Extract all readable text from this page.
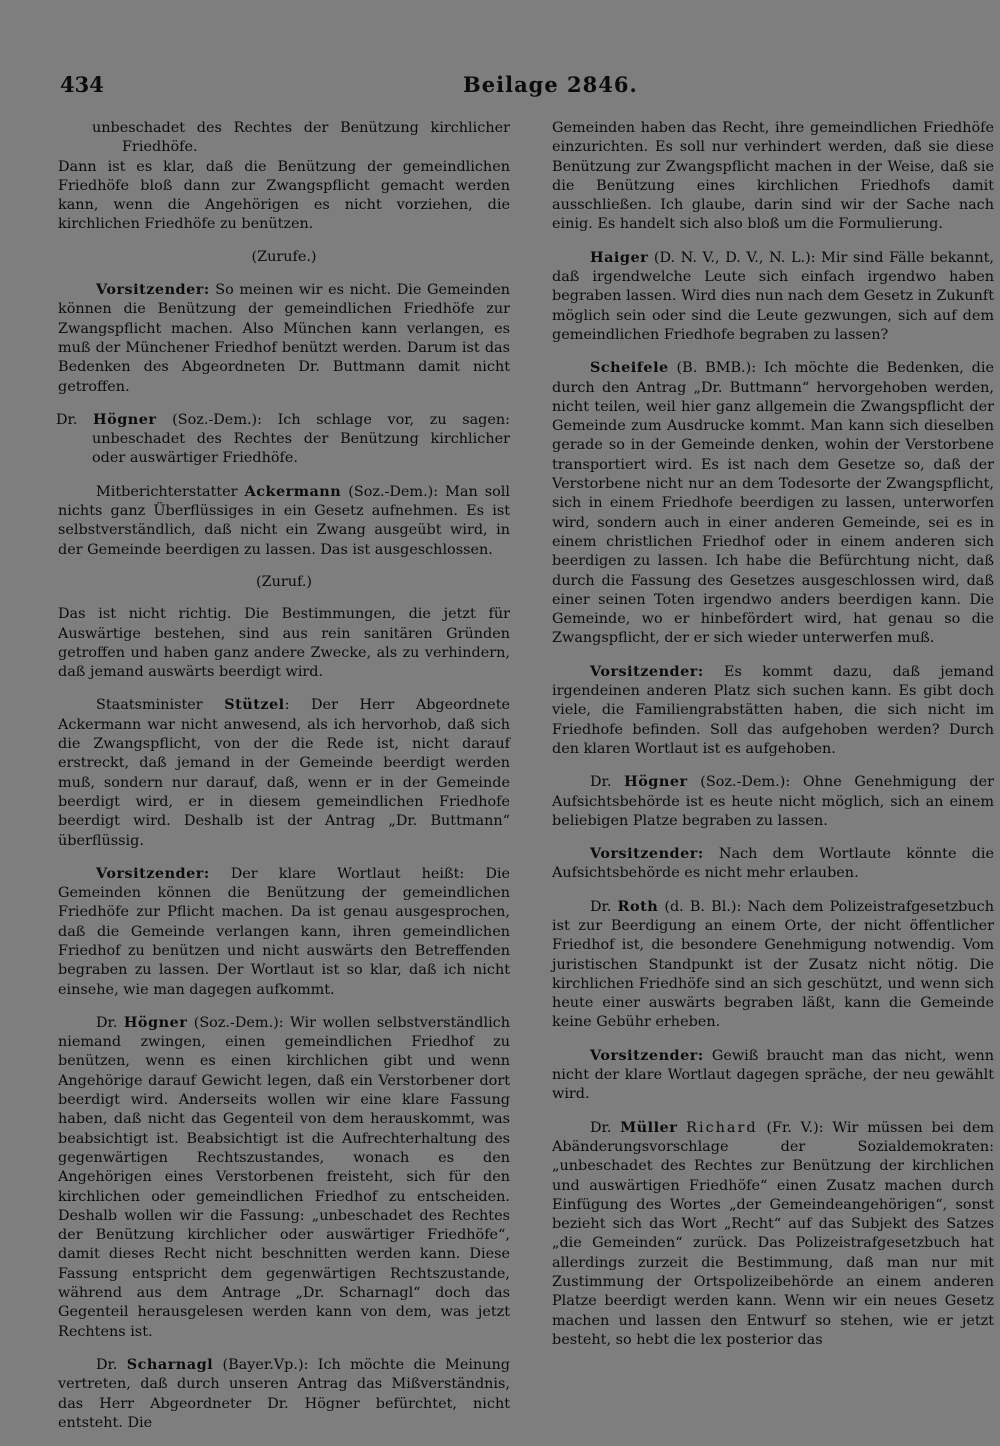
434	Beilage 2846.

unbeschadet des Rechtes der Benützung kirchlicher Friedhöfe.

Dann ist es klar, daß die Benützung der gemeindlichen Friedhöfe bloß dann zur Zwangspflicht gemacht werden kann, wenn die Angehörigen es nicht vorziehen, die kirchlichen Friedhöfe zu benützen.

(Zurufe.)

Vorsitzender: So meinen wir es nicht. Die Gemeinden können die Benützung der gemeindlichen Friedhöfe zur Zwangspflicht machen. Also München kann verlangen, es muß der Münchener Friedhof benützt werden. Darum ist das Bedenken des Abgeordneten Dr. Buttmann damit nicht getroffen.

Dr. Högner (Soz.-Dem.): Ich schlage vor, zu sagen: unbeschadet des Rechtes der Benützung kirchlicher oder auswärtiger Friedhöfe.

Mitberichterstatter Ackermann (Soz.-Dem.): Man soll nichts ganz Überflüssiges in ein Gesetz aufnehmen. Es ist selbstverständlich, daß nicht ein Zwang ausgeübt wird, in der Gemeinde beerdigen zu lassen. Das ist ausgeschlossen.

(Zuruf.)

Das ist nicht richtig. Die Bestimmungen, die jetzt für Auswärtige bestehen, sind aus rein sanitären Gründen getroffen und haben ganz andere Zwecke, als zu verhindern, daß jemand auswärts beerdigt wird.

Staatsminister Stützel: Der Herr Abgeordnete Ackermann war nicht anwesend, als ich hervorhob, daß sich die Zwangspflicht, von der die Rede ist, nicht darauf erstreckt, daß jemand in der Gemeinde beerdigt werden muß, sondern nur darauf, daß, wenn er in der Gemeinde beerdigt wird, er in diesem gemeindlichen Friedhofe beerdigt wird. Deshalb ist der Antrag „Dr. Buttmann“ überflüssig.

Vorsitzender: Der klare Wortlaut heißt: Die Gemeinden können die Benützung der gemeindlichen Friedhöfe zur Pflicht machen. Da ist genau ausgesprochen, daß die Gemeinde verlangen kann, ihren gemeindlichen Friedhof zu benützen und nicht auswärts den Betreffenden begraben zu lassen. Der Wortlaut ist so klar, daß ich nicht einsehe, wie man dagegen aufkommt.

Dr. Högner (Soz.-Dem.): Wir wollen selbstverständlich niemand zwingen, einen gemeindlichen Friedhof zu benützen, wenn es einen kirchlichen gibt und wenn Angehörige darauf Gewicht legen, daß ein Verstorbener dort beerdigt wird. Anderseits wollen wir eine klare Fassung haben, daß nicht das Gegenteil von dem herauskommt, was beabsichtigt ist. Beabsichtigt ist die Aufrechterhaltung des gegenwärtigen Rechtszustandes, wonach es den Angehörigen eines Verstorbenen freisteht, sich für den kirchlichen oder gemeindlichen Friedhof zu entscheiden. Deshalb wollen wir die Fassung: „unbeschadet des Rechtes der Benützung kirchlicher oder auswärtiger Friedhöfe“, damit dieses Recht nicht beschnitten werden kann. Diese Fassung entspricht dem gegenwärtigen Rechtszustande, während aus dem Antrage „Dr. Scharnagl“ doch das Gegenteil herausgelesen werden kann von dem, was jetzt Rechtens ist.

Dr. Scharnagl (Bayer.Vp.): Ich möchte die Meinung vertreten, daß durch unseren Antrag das Mißverständnis, das Herr Abgeordneter Dr. Högner befürchtet, nicht entsteht. Die

Gemeinden haben das Recht, ihre gemeindlichen Friedhöfe einzurichten. Es soll nur verhindert werden, daß sie diese Benützung zur Zwangspflicht machen in der Weise, daß sie die Benützung eines kirchlichen Friedhofs damit ausschließen. Ich glaube, darin sind wir der Sache nach einig. Es handelt sich also bloß um die Formulierung.

Haiger (D. N. V., D. V., N. L.): Mir sind Fälle bekannt, daß irgendwelche Leute sich einfach irgendwo haben begraben lassen. Wird dies nun nach dem Gesetz in Zukunft möglich sein oder sind die Leute gezwungen, sich auf dem gemeindlichen Friedhofe begraben zu lassen?

Scheifele (B. BMB.): Ich möchte die Bedenken, die durch den Antrag „Dr. Buttmann“ hervorgehoben werden, nicht teilen, weil hier ganz allgemein die Zwangspflicht der Gemeinde zum Ausdrucke kommt. Man kann sich dieselben gerade so in der Gemeinde denken, wohin der Verstorbene transportiert wird. Es ist nach dem Gesetze so, daß der Verstorbene nicht nur an dem Todesorte der Zwangspflicht, sich in einem Friedhofe beerdigen zu lassen, unterworfen wird, sondern auch in einer anderen Gemeinde, sei es in einem christlichen Friedhof oder in einem anderen sich beerdigen zu lassen. Ich habe die Befürchtung nicht, daß durch die Fassung des Gesetzes ausgeschlossen wird, daß einer seinen Toten irgendwo anders beerdigen kann. Die Gemeinde, wo er hinbefördert wird, hat genau so die Zwangspflicht, der er sich wieder unterwerfen muß.

Vorsitzender: Es kommt dazu, daß jemand irgendeinen anderen Platz sich suchen kann. Es gibt doch viele, die Familiengrabstätten haben, die sich nicht im Friedhofe befinden. Soll das aufgehoben werden? Durch den klaren Wortlaut ist es aufgehoben.

Dr. Högner (Soz.-Dem.): Ohne Genehmigung der Aufsichtsbehörde ist es heute nicht möglich, sich an einem beliebigen Platze begraben zu lassen.

Vorsitzender: Nach dem Wortlaute könnte die Aufsichtsbehörde es nicht mehr erlauben.

Dr. Roth (d. B. Bl.): Nach dem Polizeistrafgesetzbuch ist zur Beerdigung an einem Orte, der nicht öffentlicher Friedhof ist, die besondere Genehmigung notwendig. Vom juristischen Standpunkt ist der Zusatz nicht nötig. Die kirchlichen Friedhöfe sind an sich geschützt, und wenn sich heute einer auswärts begraben läßt, kann die Gemeinde keine Gebühr erheben.

Vorsitzender: Gewiß braucht man das nicht, wenn nicht der klare Wortlaut dagegen spräche, der neu gewählt wird.

Dr. Müller Richard (Fr. V.): Wir müssen bei dem Abänderungsvorschlage der Sozialdemokraten: „unbeschadet des Rechtes zur Benützung der kirchlichen und auswärtigen Friedhöfe“ einen Zusatz machen durch Einfügung des Wortes „der Gemeindeangehörigen“, sonst bezieht sich das Wort „Recht“ auf das Subjekt des Satzes „die Gemeinden“ zurück. Das Polizeistrafgesetzbuch hat allerdings zurzeit die Bestimmung, daß man nur mit Zustimmung der Ortspolizeibehörde an einem anderen Platze beerdigt werden kann. Wenn wir ein neues Gesetz machen und lassen den Entwurf so stehen, wie er jetzt besteht, so hebt die lex posterior das
